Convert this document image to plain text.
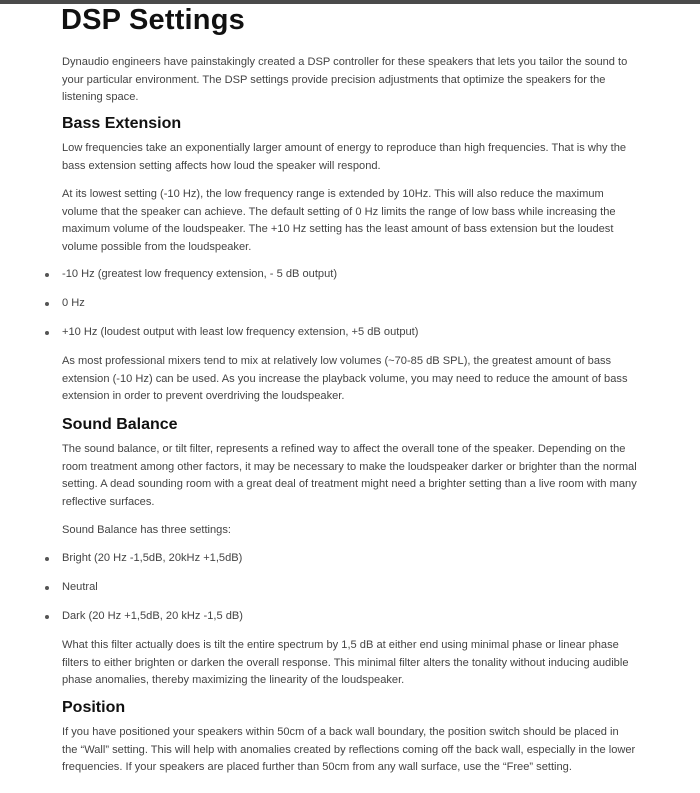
DSP Settings

Dynaudio engineers have painstakingly created a DSP controller for these speakers that lets you tailor the sound to your particular environment. The DSP settings provide precision adjustments that optimize the speakers for the listening space.

Bass Extension

Low frequencies take an exponentially larger amount of energy to reproduce than high frequencies. That is why the bass extension setting affects how loud the speaker will respond.

At its lowest setting (-10 Hz), the low frequency range is extended by 10Hz. This will also reduce the maximum volume that the speaker can achieve. The default setting of 0 Hz limits the range of low bass while increasing the maximum volume of the loudspeaker. The +10 Hz setting has the least amount of bass extension but the loudest volume possible from the loudspeaker.

-10 Hz (greatest low frequency extension, - 5 dB output)

0 Hz

+10 Hz (loudest output with least low frequency extension, +5 dB output)

As most professional mixers tend to mix at relatively low volumes (~70-85 dB SPL), the greatest amount of bass extension (-10 Hz) can be used. As you increase the playback volume, you may need to reduce the amount of bass extension in order to prevent overdriving the loudspeaker.

Sound Balance

The sound balance, or tilt filter, represents a refined way to affect the overall tone of the speaker. Depending on the room treatment among other factors, it may be necessary to make the loudspeaker darker or brighter than the normal setting. A dead sounding room with a great deal of treatment might need a brighter setting than a live room with many reflective surfaces.

Sound Balance has three settings:

Bright (20 Hz -1,5dB, 20kHz +1,5dB)

Neutral

Dark (20 Hz +1,5dB, 20 kHz -1,5 dB)

What this filter actually does is tilt the entire spectrum by 1,5 dB at either end using minimal phase or linear phase filters to either brighten or darken the overall response. This minimal filter alters the tonality without inducing audible phase anomalies, thereby maximizing the linearity of the loudspeaker.

Position

If you have positioned your speakers within 50cm of a back wall boundary, the position switch should be placed in the “Wall” setting. This will help with anomalies created by reflections coming off the back wall, especially in the lower frequencies. If your speakers are placed further than 50cm from any wall surface, use the “Free” setting.
